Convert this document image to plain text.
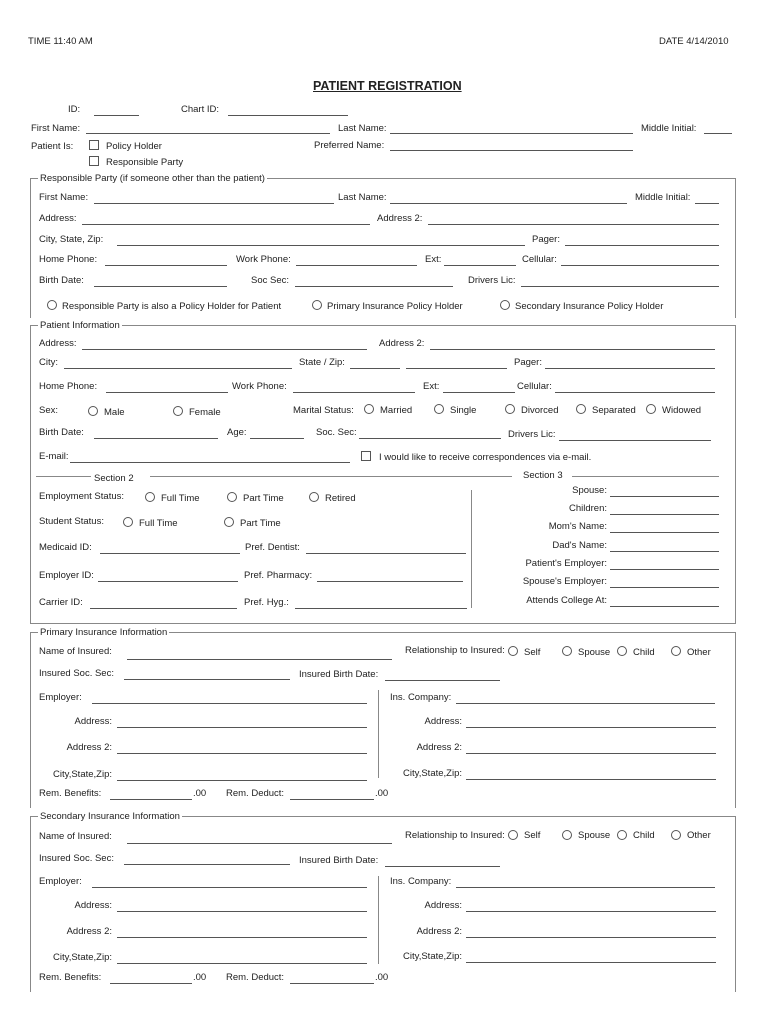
TIME 11:40 AM	DATE 4/14/2010
PATIENT REGISTRATION
ID:	Chart ID:
First Name:	Last Name:	Middle Initial:
Patient Is:	Policy Holder
Responsible Party
Preferred Name:
Responsible Party (if someone other than the patient)
First Name:	Last Name:	Middle Initial:
Address:	Address 2:
City, State, Zip:	Pager:
Home Phone:	Work Phone:	Ext:	Cellular:
Birth Date:	Soc Sec:	Drivers Lic:
Responsible Party is also a Policy Holder for Patient	Primary Insurance Policy Holder	Secondary Insurance Policy Holder
Patient Information
Address:	Address 2:
City:	State / Zip:	Pager:
Home Phone:	Work Phone:	Ext:	Cellular:
Sex:	Male	Female	Marital Status:	Married	Single	Divorced	Separated	Widowed
Birth Date:	Age:	Soc. Sec:	Drivers Lic:
E-mail:	I would like to receive correspondences via e-mail.
Section 2
Employment Status:	Full Time	Part Time	Retired
Student Status:	Full Time	Part Time
Medicaid ID:	Pref. Dentist:
Employer ID:	Pref. Pharmacy:
Carrier ID:	Pref. Hyg.:
Section 3
Spouse:
Children:
Mom's Name:
Dad's Name:
Patient's Employer:
Spouse's Employer:
Attends College At:
Primary Insurance Information
Name of Insured:	Relationship to Insured: Self	Spouse Child	Other
Insured Soc. Sec:	Insured Birth Date:
Employer:	Ins. Company:
Address:	Address:
Address 2:	Address 2:
City,State,Zip:	City,State,Zip:
Rem. Benefits:	.00 Rem. Deduct:	.00
Secondary Insurance Information
Name of Insured:	Relationship to Insured: Self	Spouse Child	Other
Insured Soc. Sec:	Insured Birth Date:
Employer:	Ins. Company:
Address:	Address:
Address 2:	Address 2:
City,State,Zip:	City,State,Zip:
Rem. Benefits:	.00 Rem. Deduct:	.00
